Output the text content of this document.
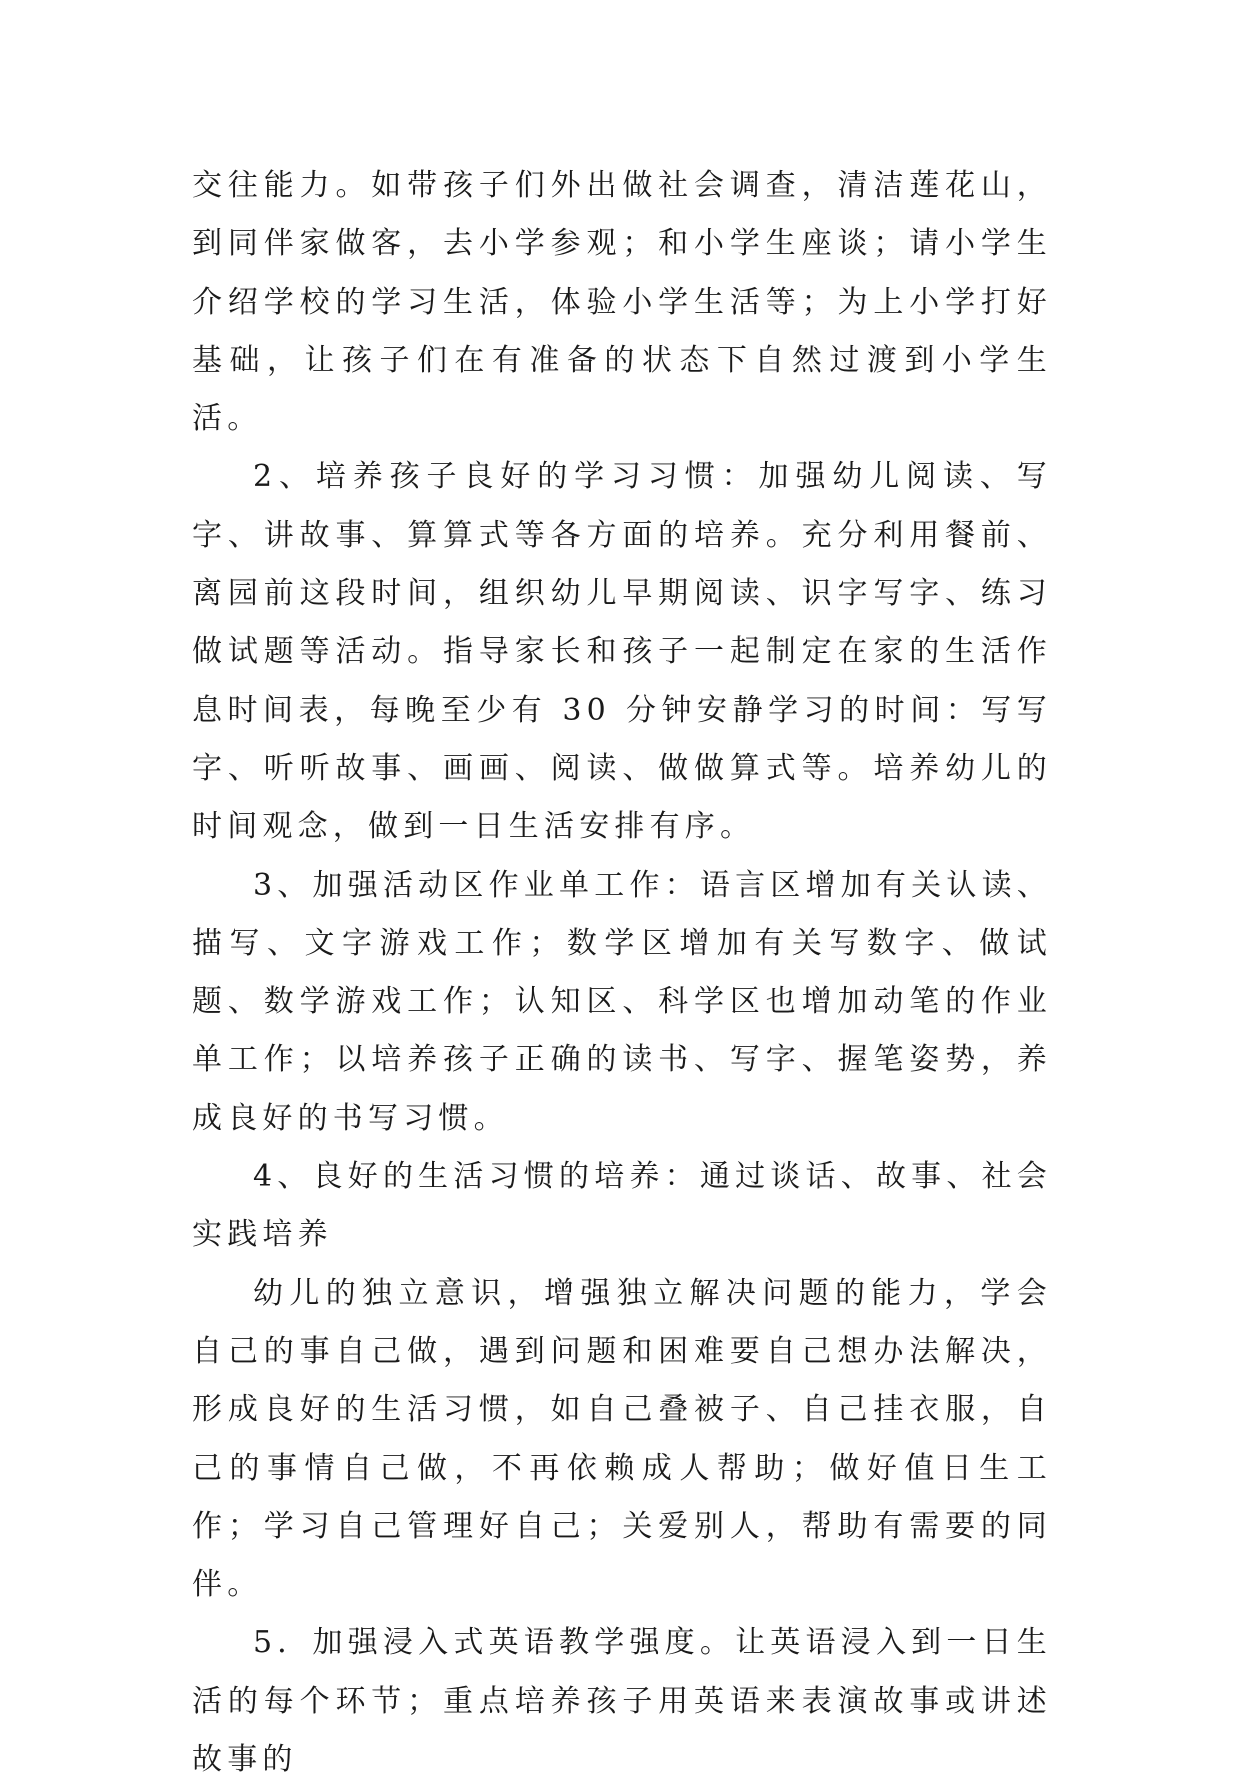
交往能力。如带孩子们外出做社会调查，清洁莲花山，到同伴家做客，去小学参观；和小学生座谈；请小学生介绍学校的学习生活，体验小学生活等；为上小学打好基础，让孩子们在有准备的状态下自然过渡到小学生活。

2、培养孩子良好的学习习惯：加强幼儿阅读、写字、讲故事、算算式等各方面的培养。充分利用餐前、离园前这段时间，组织幼儿早期阅读、识字写字、练习做试题等活动。指导家长和孩子一起制定在家的生活作息时间表，每晚至少有 30 分钟安静学习的时间：写写字、听听故事、画画、阅读、做做算式等。培养幼儿的时间观念，做到一日生活安排有序。

3、加强活动区作业单工作：语言区增加有关认读、描写、文字游戏工作；数学区增加有关写数字、做试题、数学游戏工作；认知区、科学区也增加动笔的作业单工作；以培养孩子正确的读书、写字、握笔姿势，养成良好的书写习惯。

4、良好的生活习惯的培养：通过谈话、故事、社会实践培养

幼儿的独立意识，增强独立解决问题的能力，学会自己的事自己做，遇到问题和困难要自己想办法解决，形成良好的生活习惯，如自己叠被子、自己挂衣服，自己的事情自己做，不再依赖成人帮助；做好值日生工作；学习自己管理好自己；关爱别人，帮助有需要的同伴。

5．加强浸入式英语教学强度。让英语浸入到一日生活的每个环节；重点培养孩子用英语来表演故事或讲述故事的
